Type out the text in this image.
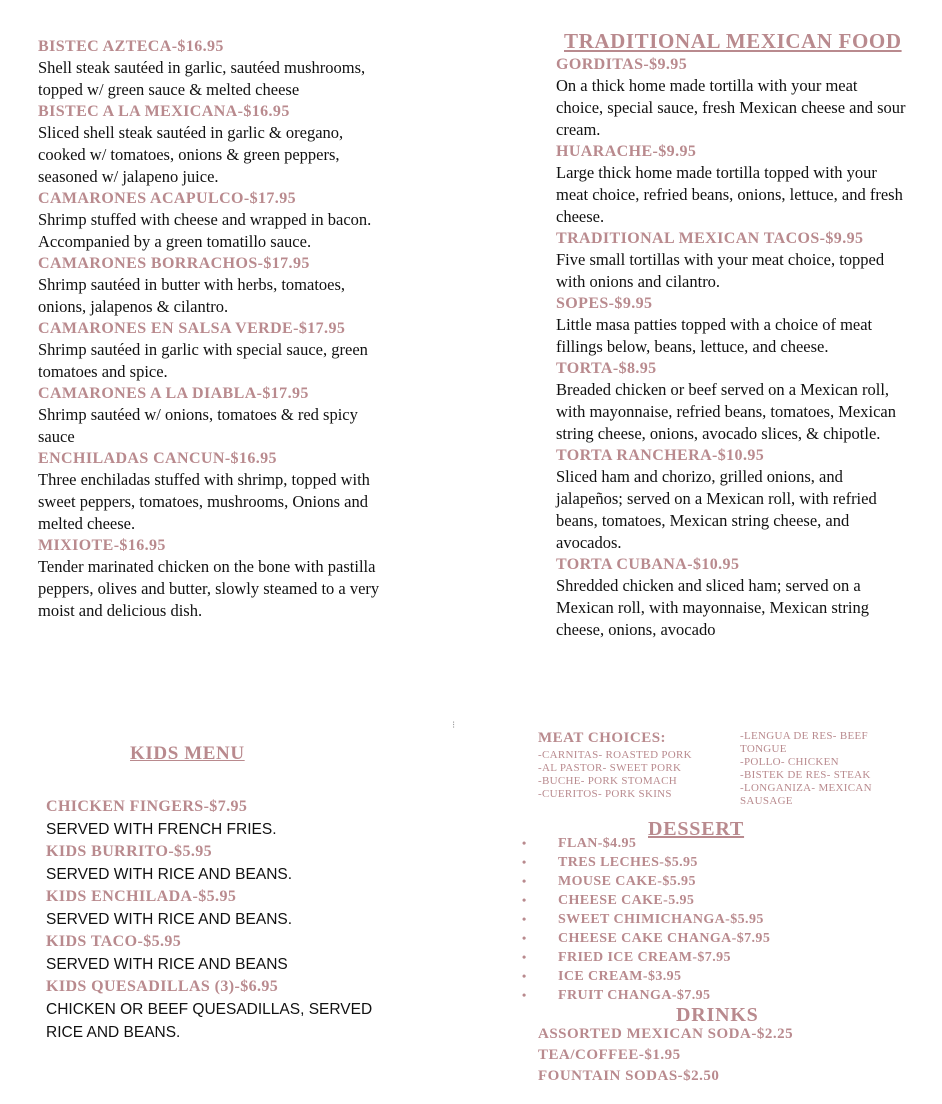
BISTEC AZTECA-$16.95
Shell steak sautéed in garlic, sautéed mushrooms, topped w/ green sauce & melted cheese
BISTEC A LA MEXICANA-$16.95
Sliced shell steak sautéed in garlic & oregano, cooked w/ tomatoes, onions & green peppers, seasoned w/ jalapeno juice.
CAMARONES ACAPULCO-$17.95
Shrimp stuffed with cheese and wrapped in bacon. Accompanied by a green tomatillo sauce.
CAMARONES BORRACHOS-$17.95
Shrimp sautéed in butter with herbs, tomatoes, onions, jalapenos & cilantro.
CAMARONES EN SALSA VERDE-$17.95
Shrimp sautéed in garlic with special sauce, green tomatoes and spice.
CAMARONES A LA DIABLA-$17.95
Shrimp sautéed w/ onions, tomatoes & red spicy sauce
ENCHILADAS CANCUN-$16.95
Three enchiladas stuffed with shrimp, topped with sweet peppers, tomatoes, mushrooms, Onions and melted cheese.
MIXIOTE-$16.95
Tender marinated chicken on the bone with pastilla peppers, olives and butter, slowly steamed to a very moist and delicious dish.
KIDS MENU
CHICKEN FINGERS-$7.95
SERVED WITH FRENCH FRIES.
KIDS BURRITO-$5.95
SERVED WITH RICE AND BEANS.
KIDS ENCHILADA-$5.95
SERVED WITH RICE AND BEANS.
KIDS TACO-$5.95
SERVED WITH RICE AND BEANS
KIDS QUESADILLAS (3)-$6.95
CHICKEN OR BEEF QUESADILLAS, SERVED RICE AND BEANS.
TRADITIONAL MEXICAN FOOD
GORDITAS-$9.95
On a thick home made tortilla with your meat choice, special sauce, fresh Mexican cheese and sour cream.
HUARACHE-$9.95
Large thick home made tortilla topped with your meat choice, refried beans, onions, lettuce, and fresh cheese.
TRADITIONAL MEXICAN TACOS-$9.95
Five small tortillas with your meat choice, topped with onions and cilantro.
SOPES-$9.95
Little masa patties topped with a choice of meat fillings below, beans, lettuce, and cheese.
TORTA-$8.95
Breaded chicken or beef served on a Mexican roll, with mayonnaise, refried beans, tomatoes, Mexican string cheese, onions, avocado slices, & chipotle.
TORTA RANCHERA-$10.95
Sliced ham and chorizo, grilled onions, and jalapeños; served on a Mexican roll, with refried beans, tomatoes, Mexican string cheese, and avocados.
TORTA CUBANA-$10.95
Shredded chicken and sliced ham; served on a Mexican roll, with mayonnaise, Mexican string cheese, onions, avocado
⁝
MEAT CHOICES:
-CARNITAS- ROASTED PORK
-AL PASTOR- SWEET PORK
-BUCHE- PORK STOMACH
-CUERITOS- PORK SKINS
-LENGUA DE RES- BEEF TONGUE
-POLLO- CHICKEN
-BISTEK DE RES- STEAK
-LONGANIZA- MEXICAN SAUSAGE
DESSERT
• FLAN-$4.95
• TRES LECHES-$5.95
• MOUSE CAKE-$5.95
• CHEESE CAKE-5.95
• SWEET CHIMICHANGA-$5.95
• CHEESE CAKE CHANGA-$7.95
• FRIED ICE CREAM-$7.95
• ICE CREAM-$3.95
• FRUIT CHANGA-$7.95
DRINKS
ASSORTED MEXICAN SODA-$2.25
TEA/COFFEE-$1.95
FOUNTAIN SODAS-$2.50
